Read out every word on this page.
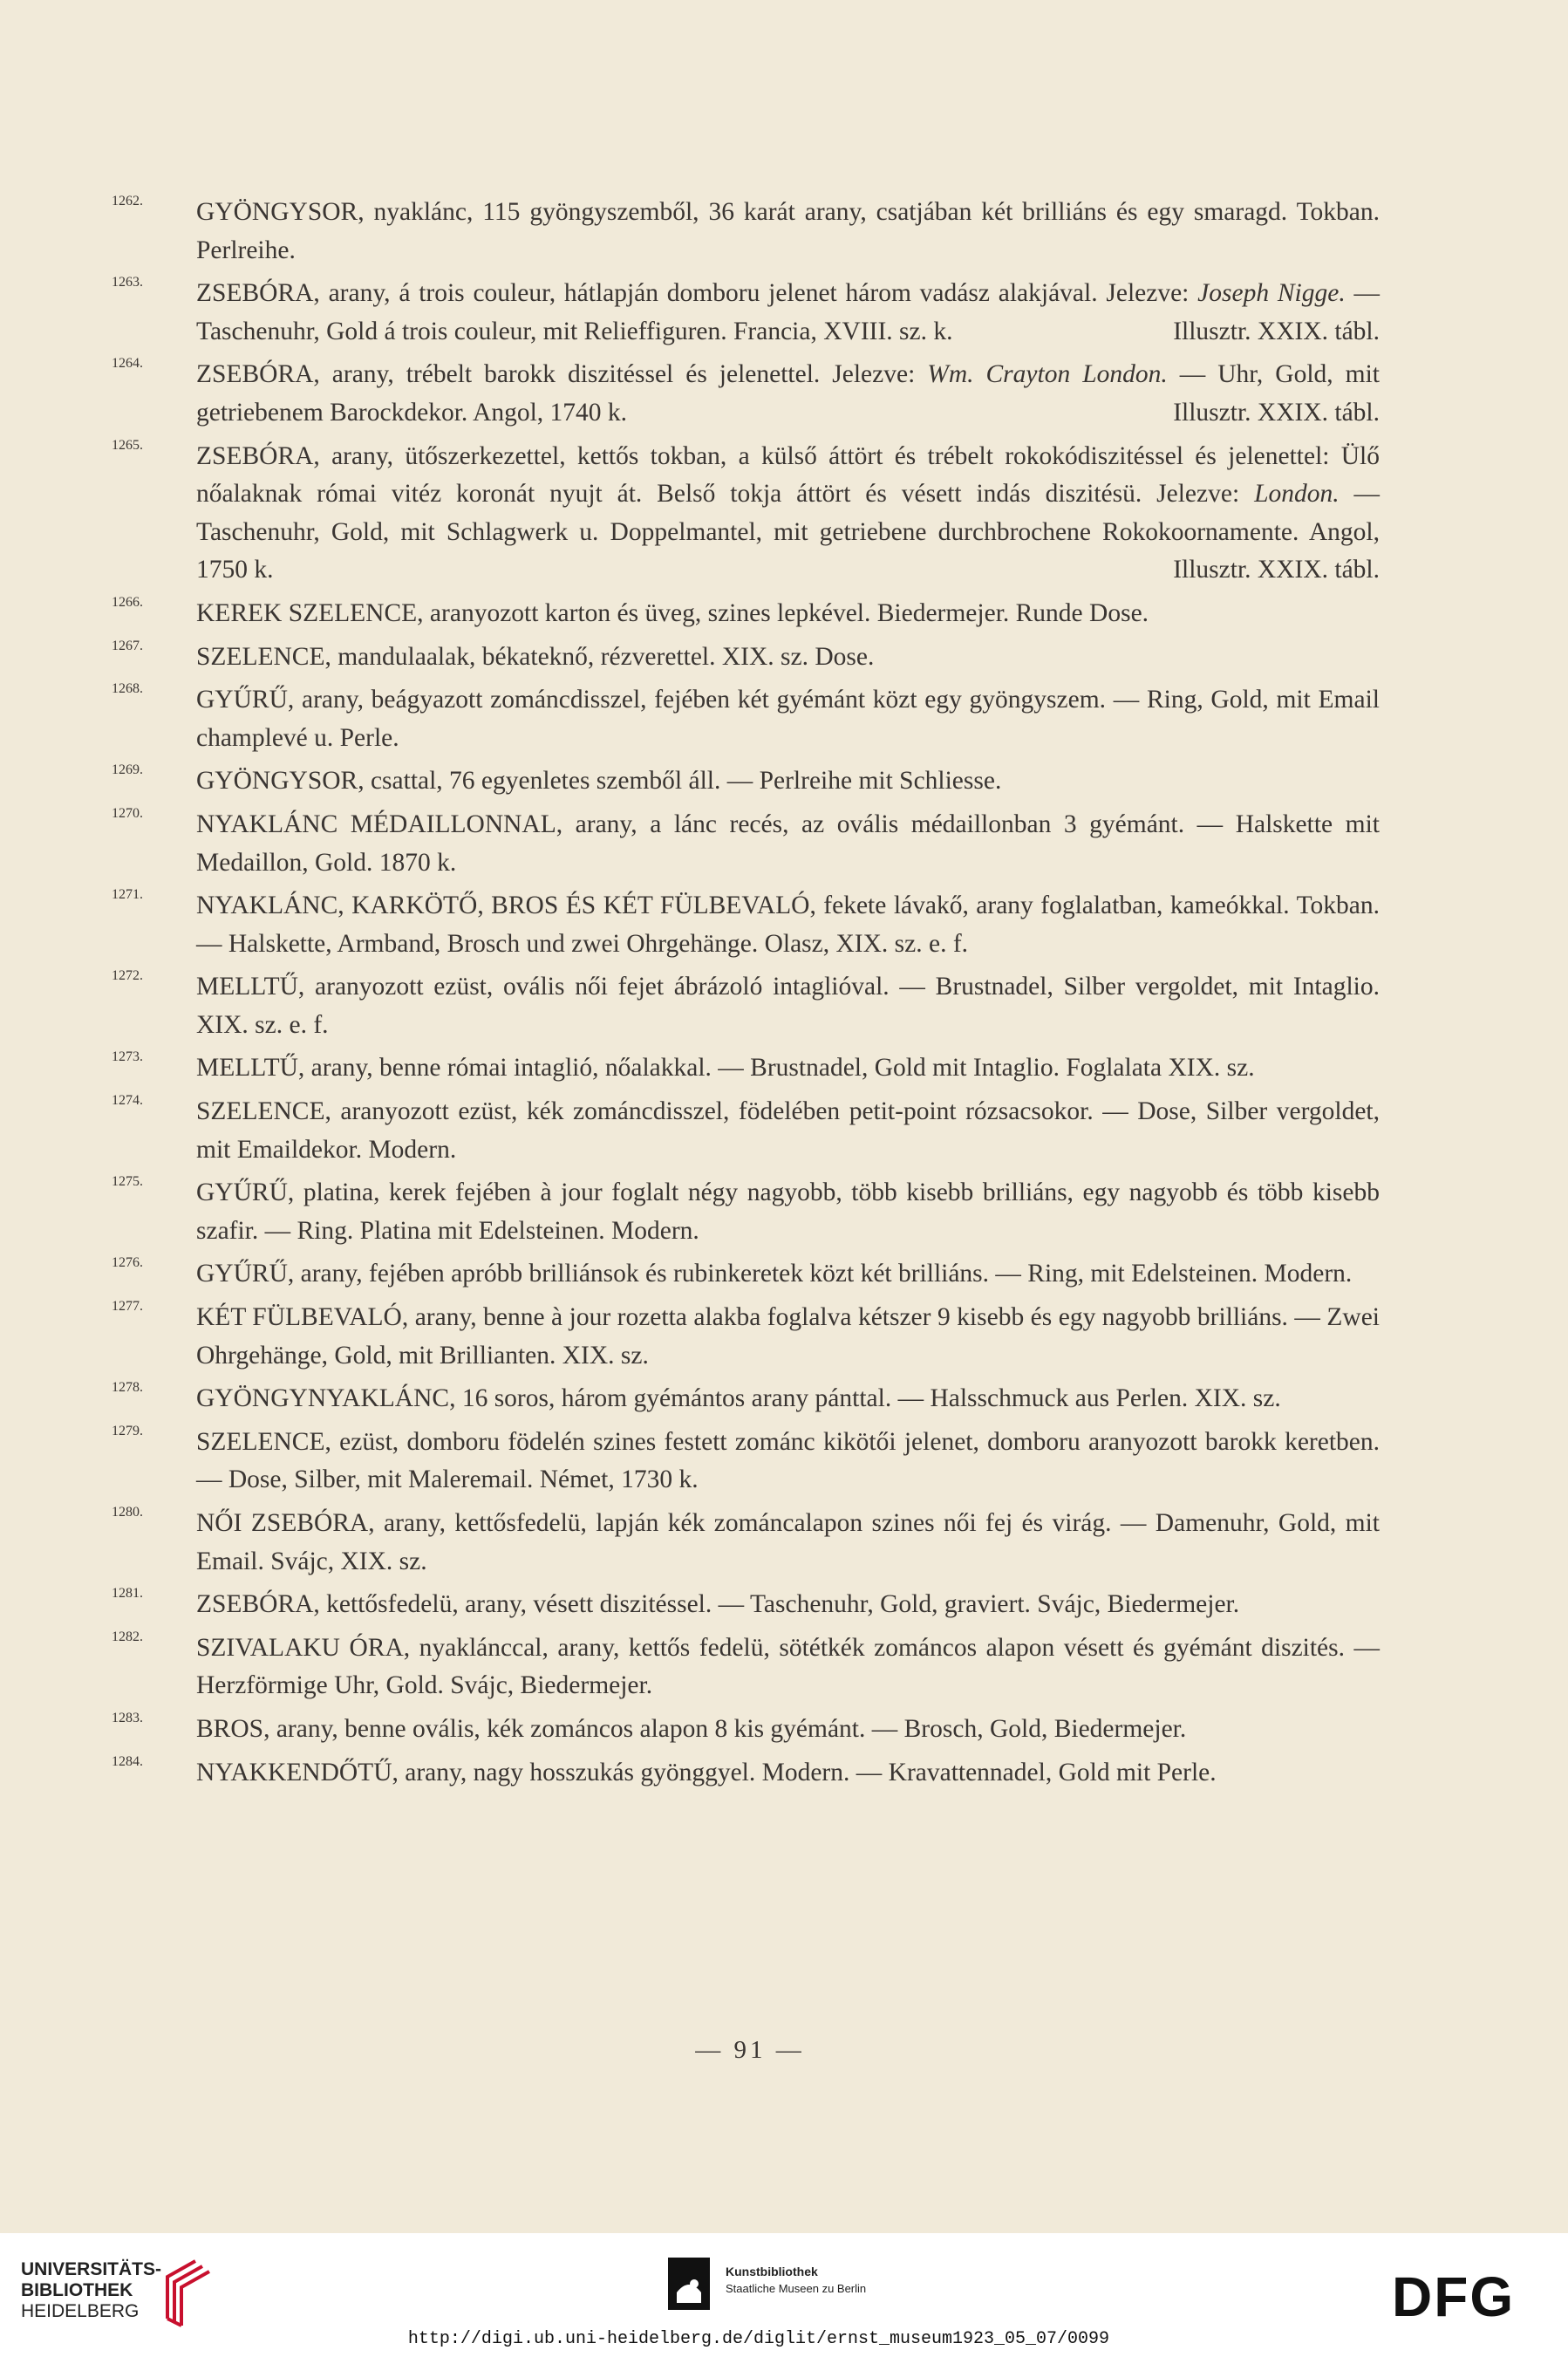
1262.	GYÖNGYSOR, nyaklánc, 115 gyöngyszemből, 36 karát arany, csatjában két brilliáns és egy smaragd. Tokban. Perlreihe.

1263.	ZSEBÓRA, arany, á trois couleur, hátlapján domboru jelenet három vadász alakjával. Jelezve: Joseph Nigge. — Taschenuhr, Gold á trois couleur, mit Relieffiguren. Francia, XVIII. sz. k.	Illusztr. XXIX. tábl.

1264.	ZSEBÓRA, arany, trébelt barokk diszitéssel és jelenettel. Jelezve: Wm. Crayton London. — Uhr, Gold, mit getriebenem Barockdekor. Angol, 1740 k.	Illusztr. XXIX. tábl.

1265.	ZSEBÓRA, arany, ütőszerkezettel, kettős tokban, a külső áttört és trébelt rokokódiszitéssel és jelenettel: Ülő nőalaknak római vitéz koronát nyujt át. Belső tokja áttört és vésett indás diszitésü. Jelezve: London. — Taschenuhr, Gold, mit Schlagwerk u. Doppelmantel, mit getriebene durchbrochene Rokokoornamente. Angol, 1750 k.	Illusztr. XXIX. tábl.

1266.	KEREK SZELENCE, aranyozott karton és üveg, szines lepkével. Biedermejer. Runde Dose.

1267.	SZELENCE, mandulaalak, békateknő, rézverettel. XIX. sz. Dose.

1268.	GYŰRŰ, arany, beágyazott zománcdisszel, fejében két gyémánt közt egy gyöngyszem. — Ring, Gold, mit Email champlevé u. Perle.

1269.	GYÖNGYSOR, csattal, 76 egyenletes szemből áll. — Perlreihe mit Schliesse.

1270.	NYAKLÁNC MÉDAILLONNAL, arany, a lánc recés, az ovális médaillonban 3 gyémánt. — Halskette mit Medaillon, Gold. 1870 k.

1271.	NYAKLÁNC, KARKÖTŐ, BROS ÉS KÉT FÜLBEVALÓ, fekete lávakő, arany foglalatban, kameókkal. Tokban. — Halskette, Armband, Brosch und zwei Ohrgehänge. Olasz, XIX. sz. e. f.

1272.	MELLTŰ, aranyozott ezüst, ovális női fejet ábrázoló intaglióval. — Brustnadel, Silber vergoldet, mit Intaglio. XIX. sz. e. f.

1273.	MELLTŰ, arany, benne római intaglió, nőalakkal. — Brustnadel, Gold mit Intaglio. Foglalata XIX. sz.

1274.	SZELENCE, aranyozott ezüst, kék zománcdisszel, födelében petit-point rózsacsokor. — Dose, Silber vergoldet, mit Emaildekor. Modern.

1275.	GYŰRŰ, platina, kerek fejében à jour foglalt négy nagyobb, több kisebb brilliáns, egy nagyobb és több kisebb szafir. — Ring. Platina mit Edelsteinen. Modern.

1276.	GYŰRŰ, arany, fejében apróbb brilliánsok és rubinkeretek közt két brilliáns. — Ring, mit Edelsteinen. Modern.

1277.	KÉT FÜLBEVALÓ, arany, benne à jour rozetta alakba foglalva kétszer 9 kisebb és egy nagyobb brilliáns. — Zwei Ohrgehänge, Gold, mit Brillianten. XIX. sz.

1278.	GYÖNGYNYAKLÁNC, 16 soros, három gyémántos arany pánttal. — Halsschmuck aus Perlen. XIX. sz.

1279.	SZELENCE, ezüst, domboru födelén szines festett zománc kikötői jelenet, domboru aranyozott barokk keretben. — Dose, Silber, mit Maleremail. Német, 1730 k.

1280.	NŐI ZSEBÓRA, arany, kettősfedelü, lapján kék zománcalapon szines női fej és virág. — Damenuhr, Gold, mit Email. Svájc, XIX. sz.

1281.	ZSEBÓRA, kettősfedelü, arany, vésett diszitéssel. — Taschenuhr, Gold, graviert. Svájc, Biedermejer.

1282.	SZIVALAKU ÓRA, nyaklánccal, arany, kettős fedelü, sötétkék zománcos alapon vésett és gyémánt diszités. — Herzförmige Uhr, Gold. Svájc, Biedermejer.

1283.	BROS, arany, benne ovális, kék zománcos alapon 8 kis gyémánt. — Brosch, Gold, Biedermejer.

1284.	NYAKKENDŐTŰ, arany, nagy hosszukás gyönggyel. Modern. — Kravattennadel, Gold mit Perle.

— 91 —

UNIVERSITÄTS-

BIBLIOTHEK

HEIDELBERG

Kunstbibliothek

Staatliche Museen zu Berlin	DFG
http://digi.ub.uni-heidelberg.de/diglit/ernst_museum1923_05_07/0099
